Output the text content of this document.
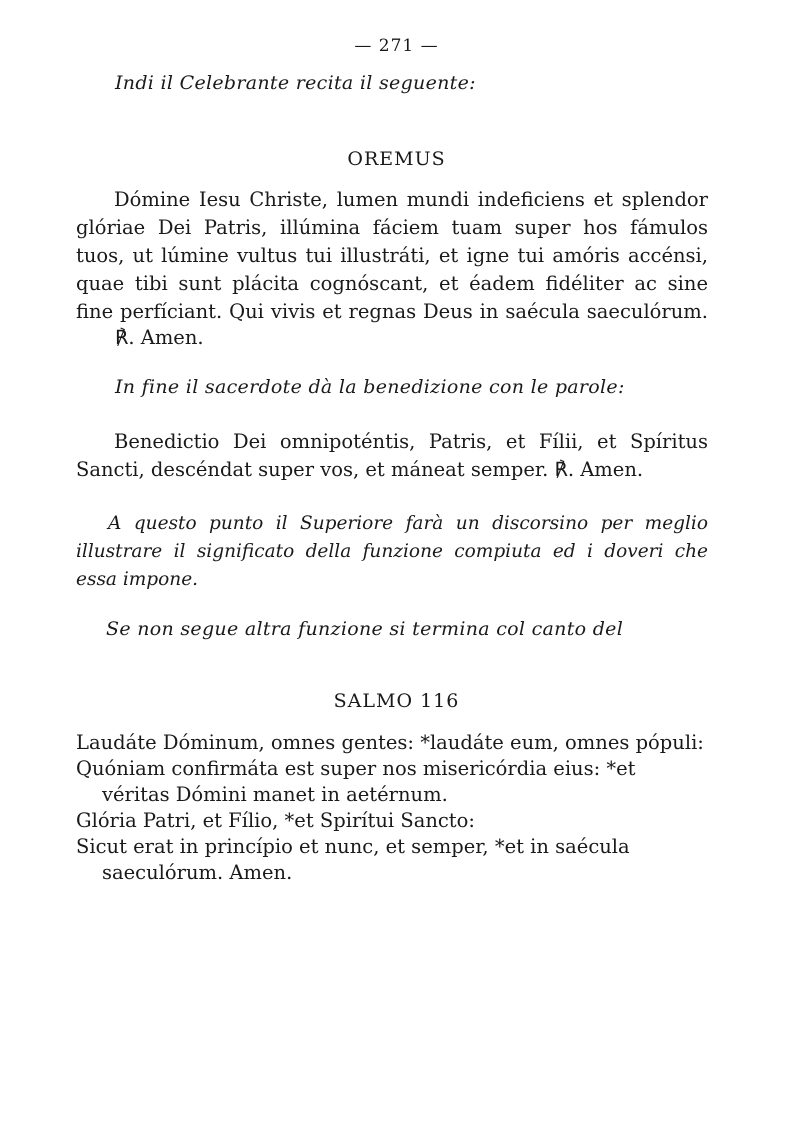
— 271 —
Indi il Celebrante recita il seguente:
OREMUS
Dómine Iesu Christe, lumen mundi indeficiens et splendor
glóriae Dei Patris, illúmina fáciem tuam super hos fámulos
tuos, ut lúmine vultus tui illustráti, et igne tui amóris accénsi,
quae tibi sunt plácita cognóscant, et éadem fidéliter ac sine
fine perfíciant. Qui vivis et regnas Deus in saécula saeculórum.
℟. Amen.
In fine il sacerdote dà la benedizione con le parole:
Benedictio Dei omnipoténtis, Patris, et Fílii, et Spíritus
Sancti, descéndat super vos, et máneat semper. ℟. Amen.
A questo punto il Superiore farà un discorsino per meglio
illustrare il significato della funzione compiuta ed i doveri che
essa impone.
Se non segue altra funzione si termina col canto del
SALMO 116
Laudáte Dóminum, omnes gentes: *laudáte eum, omnes pópuli:
Quóniam confirmáta est super nos misericórdia eius: *et véritas Dómini manet in aetérnum.
Glória Patri, et Fílio, *et Spirítui Sancto:
Sicut erat in princípio et nunc, et semper, *et in saécula saeculórum. Amen.
